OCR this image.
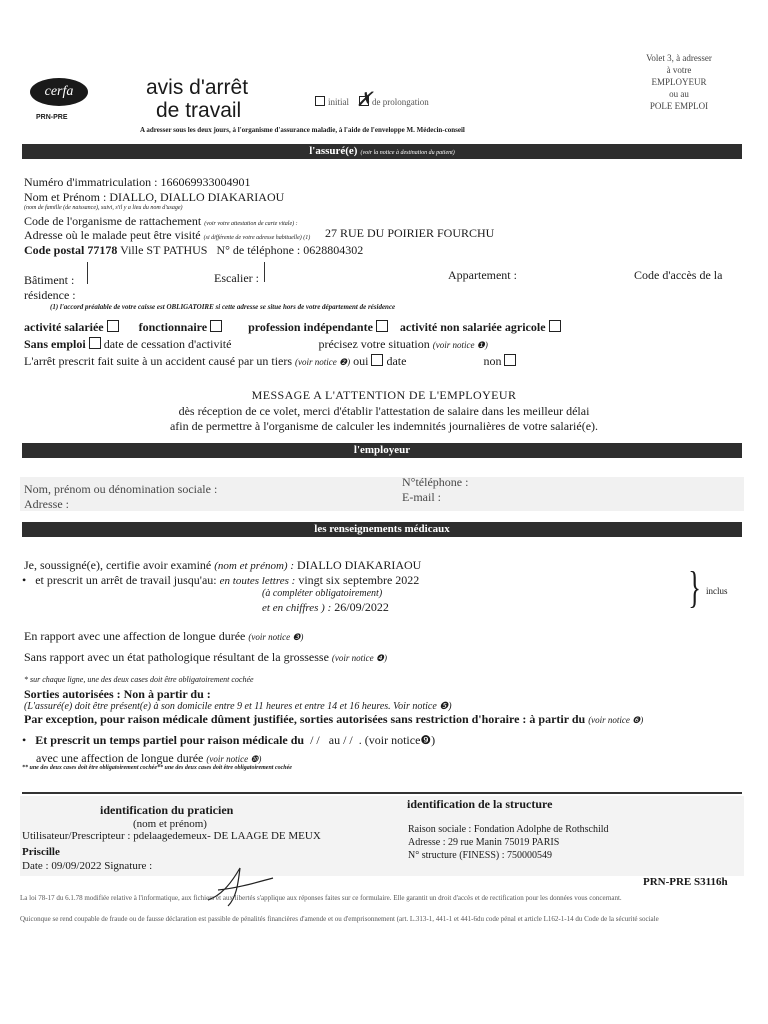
cerfa
PRN-PRE
avis d'arrêt
de travail	initial ✗ de prolongation
Volet 3, à adresser
à votre
EMPLOYEUR
ou au
POLE EMPLOI
A adresser sous les deux jours, à l'organisme d'assurance maladie, à l'aide de l'enveloppe M. Médecin-conseil
l'assuré(e) (voir la notice à destination du patient)
Numéro d'immatriculation : 166069933004901
Nom et Prénom : DIALLO, DIALLO DIAKARIAOU
(nom de famille (de naissance), suivi, s'il y a lieu du nom d'usage)
Code de l'organisme de rattachement (voir votre attestation de carte vitale) :
Adresse où le malade peut être visité (si différente de votre adresse habituelle) (1) 27 RUE DU POIRIER FOURCHU
Code postal 77178 Ville ST PATHUS N° de téléphone : 0628804302
Bâtiment :	Escalier :	Appartement :	Code d'accès de la
résidence :
(1) l'accord préalable de votre caisse est OBLIGATOIRE si cette adresse se situe hors de votre département de résidence
activité salariée	fonctionnaire	profession indépendante activité non salariée agricole
Sans emploi date de cessation d'activité	précisez votre situation (voir notice ❶)
L'arrêt prescrit fait suite à un accident causé par un tiers (voir notice ❷) oui date	non
MESSAGE A L'ATTENTION DE L'EMPLOYEUR
dès réception de ce volet, merci d'établir l'attestation de salaire dans les meilleur délai
afin de permettre à l'organisme de calculer les indemnités journalières de votre salarié(e).
l'employeur
Nom, prénom ou dénomination sociale :
Adresse :
N°téléphone :
E-mail :
les renseignements médicaux
Je, soussigné(e), certifie avoir examiné (nom et prénom) : DIALLO DIAKARIAOU
• et prescrit un arrêt de travail jusqu'au: en toutes lettres : vingt six septembre 2022
(à compléter obligatoirement)
et en chiffres ) : 26/09/2022	} inclus
En rapport avec une affection de longue durée (voir notice ❸)
Sans rapport avec un état pathologique résultant de la grossesse (voir notice ❹)
* sur chaque ligne, une des deux cases doit être obligatoirement cochée
Sorties autorisées : Non à partir du :
(L'assuré(e) doit être présent(e) à son domicile entre 9 et 11 heures et entre 14 et 16 heures. Voir notice ❺)
Par exception, pour raison médicale dûment justifiée, sorties autorisées sans restriction d'horaire : à partir du (voir notice ❻)
• Et prescrit un temps partiel pour raison médicale du / / au / / . (voir notice❾)
avec une affection de longue durée (voir notice ❿)
** une des deux cases doit être obligatoirement cochée** une des deux cases doit être obligatoirement cochée
identification du praticien
(nom et prénom)
Utilisateur/Prescripteur : pdelaagedemeux- DE LAAGE DE MEUX
Priscille
Date : 09/09/2022 Signature :
identification de la structure
Raison sociale : Fondation Adolphe de Rothschild
Adresse : 29 rue Manin 75019 PARIS
N° structure (FINESS) : 750000549
PRN-PRE S3116h
La loi 78-17 du 6.1.78 modifiée relative à l'informatique, aux fichiers et aux libertés s'applique aux réponses faites sur ce formulaire. Elle garantit un droit d'accès et de rectification pour les données vous concernant.
Quiconque se rend coupable de fraude ou de fausse déclaration est passible de pénalités financières d'amende et ou d'emprisonnement (art. L.313-1, 441-1 et 441-6du code pénal et article L162-1-14 du Code de la sécurité sociale
